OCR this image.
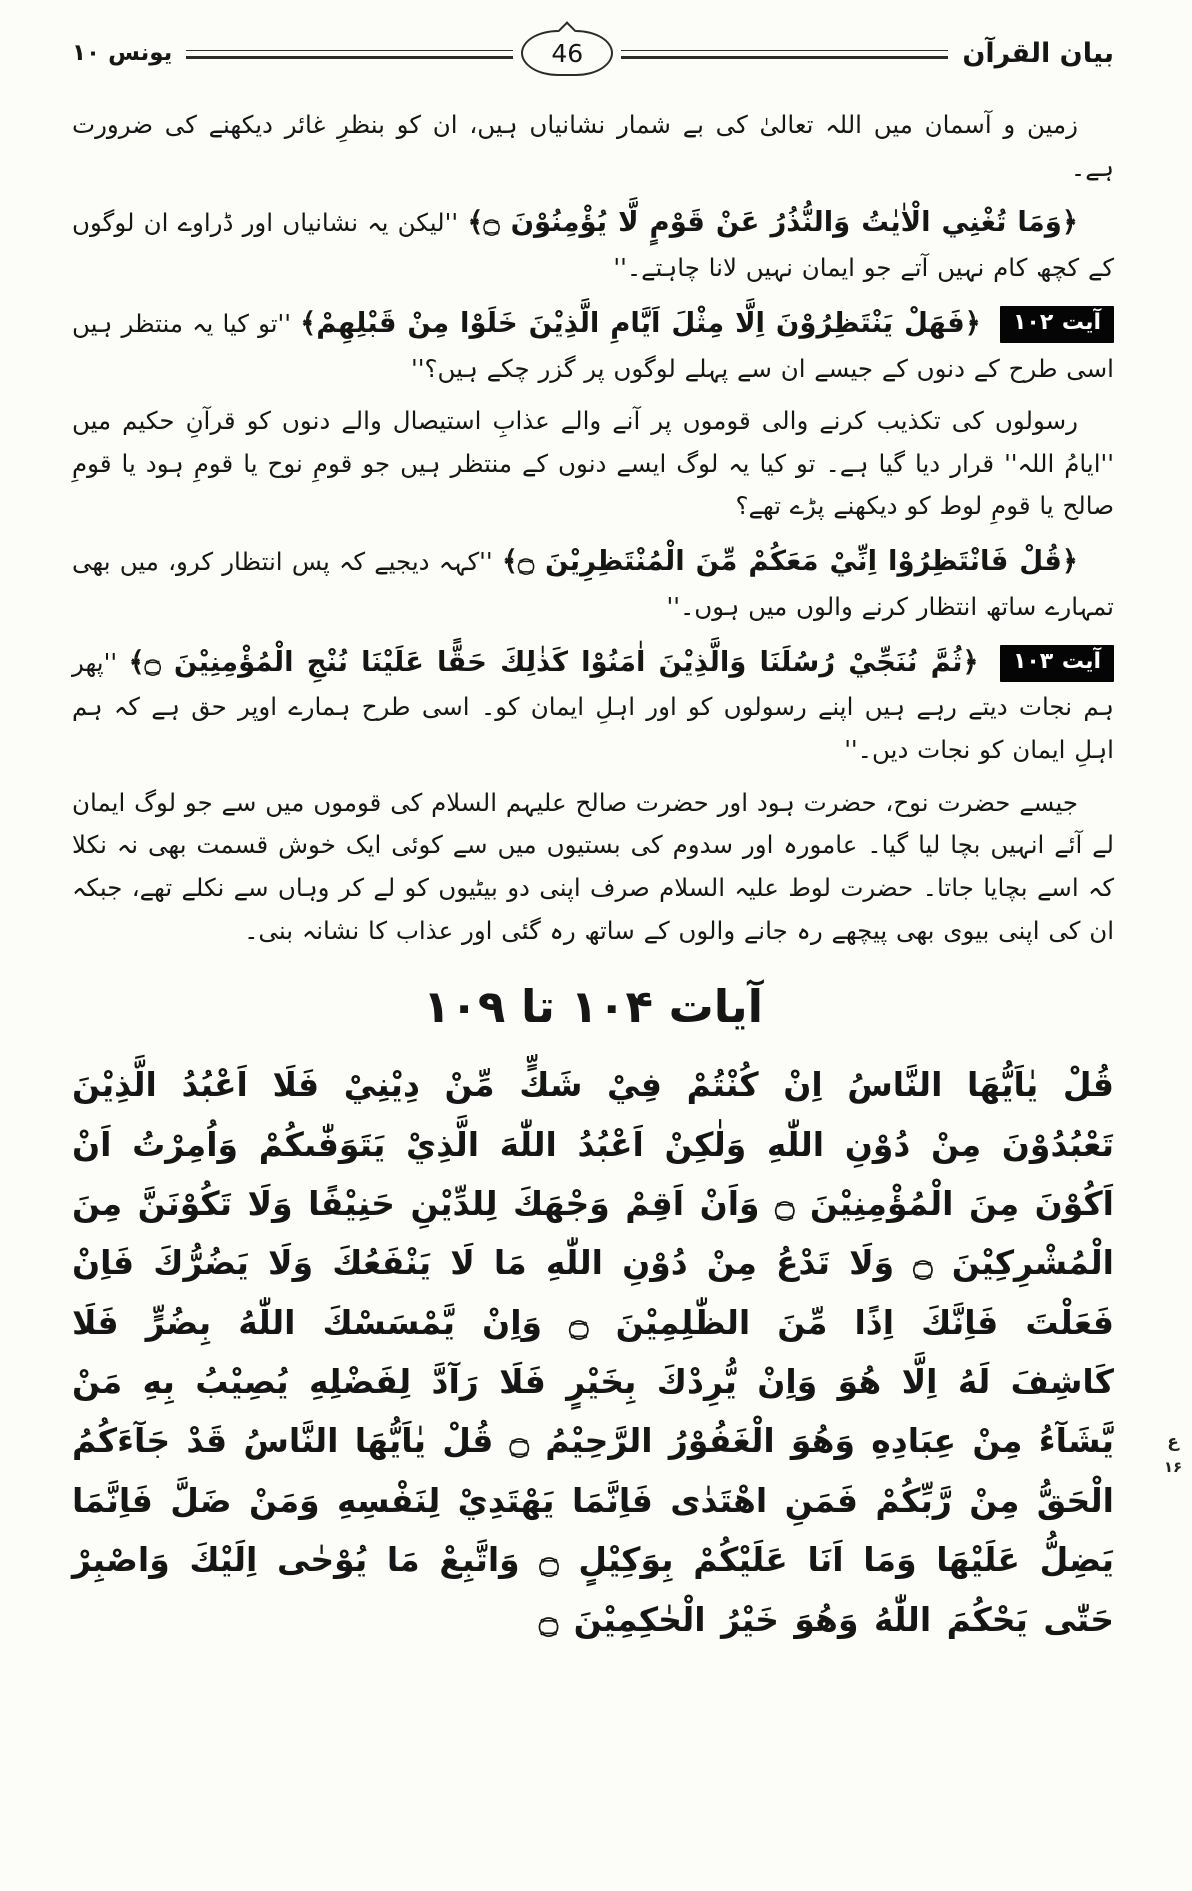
بیان القرآن
46
یونس ۱۰

زمین و آسمان میں اللہ تعالیٰ کی بے شمار نشانیاں ہیں، ان کو بنظرِ غائر دیکھنے کی ضرورت ہے۔

﴿وَمَا تُغْنِي الْاٰيٰتُ وَالنُّذُرُ عَنْ قَوْمٍ لَّا يُؤْمِنُوْنَ ۝﴾ ''لیکن یہ نشانیاں اور ڈراوے ان لوگوں کے کچھ کام نہیں آتے جو ایمان نہیں لانا چاہتے۔''

آیت ۱۰۲ ﴿فَهَلْ يَنْتَظِرُوْنَ اِلَّا مِثْلَ اَيَّامِ الَّذِيْنَ خَلَوْا مِنْ قَبْلِهِمْ﴾ ''تو کیا یہ منتظر ہیں اسی طرح کے دنوں کے جیسے ان سے پہلے لوگوں پر گزر چکے ہیں؟''

رسولوں کی تکذیب کرنے والی قوموں پر آنے والے عذابِ استیصال والے دنوں کو قرآنِ حکیم میں ''ایامُ اللہ'' قرار دیا گیا ہے۔ تو کیا یہ لوگ ایسے دنوں کے منتظر ہیں جو قومِ نوح یا قومِ ہود یا قومِ صالح یا قومِ لوط کو دیکھنے پڑے تھے؟

﴿قُلْ فَانْتَظِرُوْا اِنِّيْ مَعَكُمْ مِّنَ الْمُنْتَظِرِيْنَ ۝﴾ ''کہہ دیجیے کہ پس انتظار کرو، میں بھی تمہارے ساتھ انتظار کرنے والوں میں ہوں۔''

آیت ۱۰۳ ﴿ثُمَّ نُنَجِّيْ رُسُلَنَا وَالَّذِيْنَ اٰمَنُوْا كَذٰلِكَ حَقًّا عَلَيْنَا نُنْجِ الْمُؤْمِنِيْنَ ۝﴾ ''پھر ہم نجات دیتے رہے ہیں اپنے رسولوں کو اور اہلِ ایمان کو۔ اسی طرح ہمارے اوپر حق ہے کہ ہم اہلِ ایمان کو نجات دیں۔''

جیسے حضرت نوح، حضرت ہود اور حضرت صالح علیہم السلام کی قوموں میں سے جو لوگ ایمان لے آئے انہیں بچا لیا گیا۔ عامورہ اور سدوم کی بستیوں میں سے کوئی ایک خوش قسمت بھی نہ نکلا کہ اسے بچایا جاتا۔ حضرت لوط علیہ السلام صرف اپنی دو بیٹیوں کو لے کر وہاں سے نکلے تھے، جبکہ ان کی اپنی بیوی بھی پیچھے رہ جانے والوں کے ساتھ رہ گئی اور عذاب کا نشانہ بنی۔

آیات ۱۰۴ تا ۱۰۹

قُلْ يٰاَيُّهَا النَّاسُ اِنْ كُنْتُمْ فِيْ شَكٍّ مِّنْ دِيْنِيْ فَلَا اَعْبُدُ الَّذِيْنَ تَعْبُدُوْنَ مِنْ دُوْنِ اللّٰهِ وَلٰكِنْ اَعْبُدُ اللّٰهَ الَّذِيْ يَتَوَفّٰىكُمْ وَاُمِرْتُ اَنْ اَكُوْنَ مِنَ الْمُؤْمِنِيْنَ ۝ وَاَنْ اَقِمْ وَجْهَكَ لِلدِّيْنِ حَنِيْفًا وَلَا تَكُوْنَنَّ مِنَ الْمُشْرِكِيْنَ ۝ وَلَا تَدْعُ مِنْ دُوْنِ اللّٰهِ مَا لَا يَنْفَعُكَ وَلَا يَضُرُّكَ فَاِنْ فَعَلْتَ فَاِنَّكَ اِذًا مِّنَ الظّٰلِمِيْنَ ۝ وَاِنْ يَّمْسَسْكَ اللّٰهُ بِضُرٍّ فَلَا كَاشِفَ لَهُ اِلَّا هُوَ وَاِنْ يُّرِدْكَ بِخَيْرٍ فَلَا رَآدَّ لِفَضْلِهِ يُصِيْبُ بِهِ مَنْ يَّشَآءُ مِنْ عِبَادِهِ وَهُوَ الْغَفُوْرُ الرَّحِيْمُ ۝ قُلْ يٰاَيُّهَا النَّاسُ قَدْ جَآءَكُمُ الْحَقُّ مِنْ رَّبِّكُمْ فَمَنِ اهْتَدٰى فَاِنَّمَا يَهْتَدِيْ لِنَفْسِهِ وَمَنْ ضَلَّ فَاِنَّمَا يَضِلُّ عَلَيْهَا وَمَا اَنَا عَلَيْكُمْ بِوَكِيْلٍ ۝ وَاتَّبِعْ مَا يُوْحٰى اِلَيْكَ وَاصْبِرْ حَتّٰى يَحْكُمَ اللّٰهُ وَهُوَ خَيْرُ الْحٰكِمِيْنَ ۝

ع
۱۶
